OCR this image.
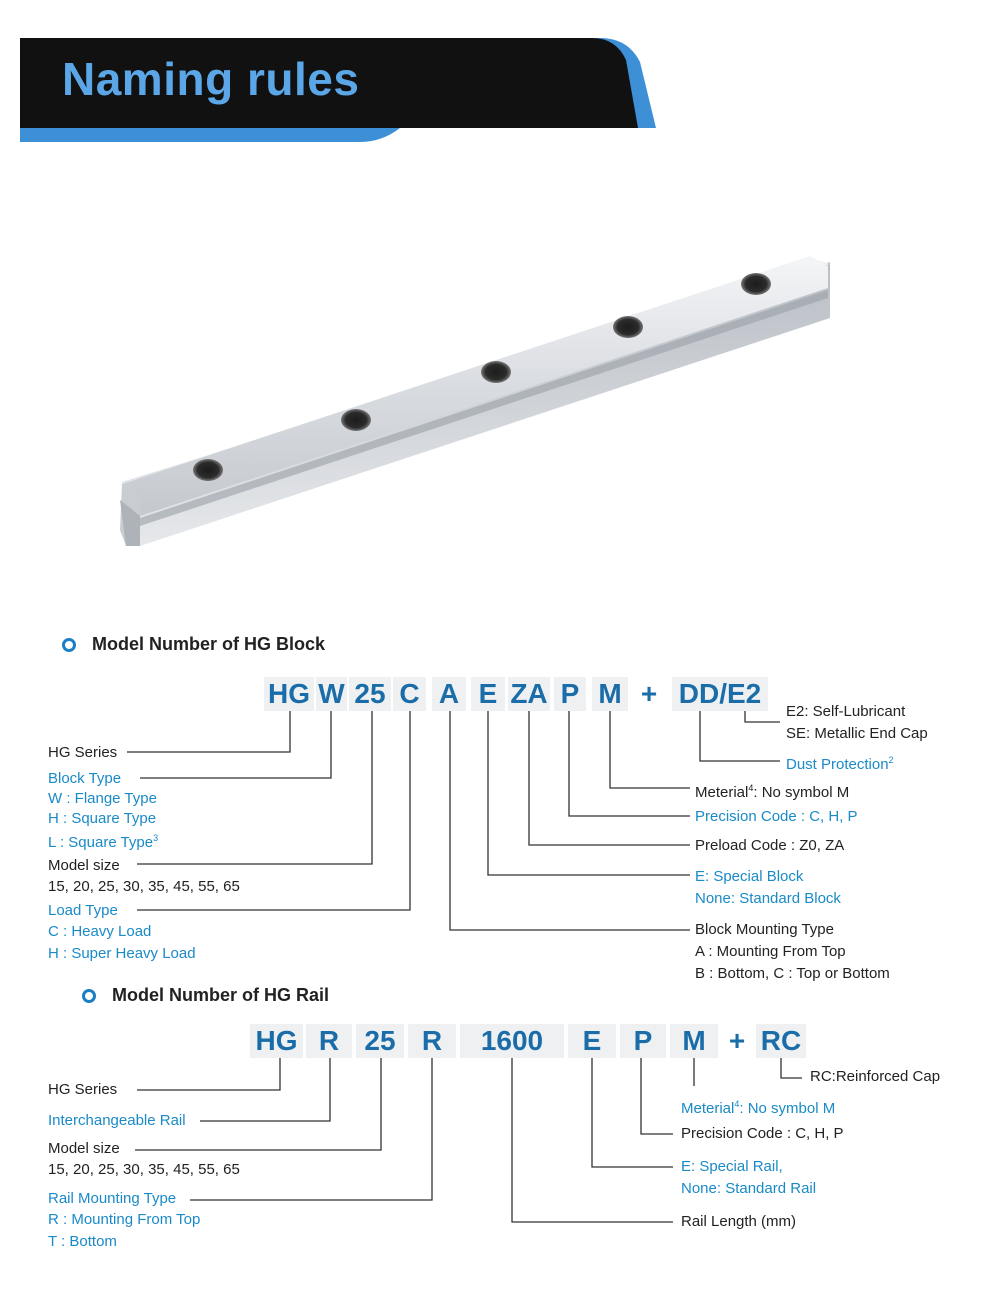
Naming rules
Model Number of HG Block
HG W 25 C A E ZA P M + DD/E2
HG Series
Block Type
W : Flange Type
H : Square Type
L : Square Type$^3$
Model size
15, 20, 25, 30, 35, 45, 55, 65
Load Type
C : Heavy Load
H : Super Heavy Load
E2: Self-Lubricant
SE: Metallic End Cap
Dust Protection$^2$
Meterial$^4$: No symbol M
Precision Code : C, H, P
Preload Code : Z0, ZA
E: Special Block
None: Standard Block
Block Mounting Type
A : Mounting From Top
B : Bottom, C : Top or Bottom
Model Number of HG Rail
HG R 25 R	1600	E	P	M + RC
HG Series
Interchangeable Rail
Model size
15, 20, 25, 30, 35, 45, 55, 65
Rail Mounting Type
R : Mounting From Top
T : Bottom
RC:Reinforced Cap
Meterial$^4$: No symbol M
Precision Code : C, H, P
E: Special Rail,
None: Standard Rail
Rail Length (mm)
